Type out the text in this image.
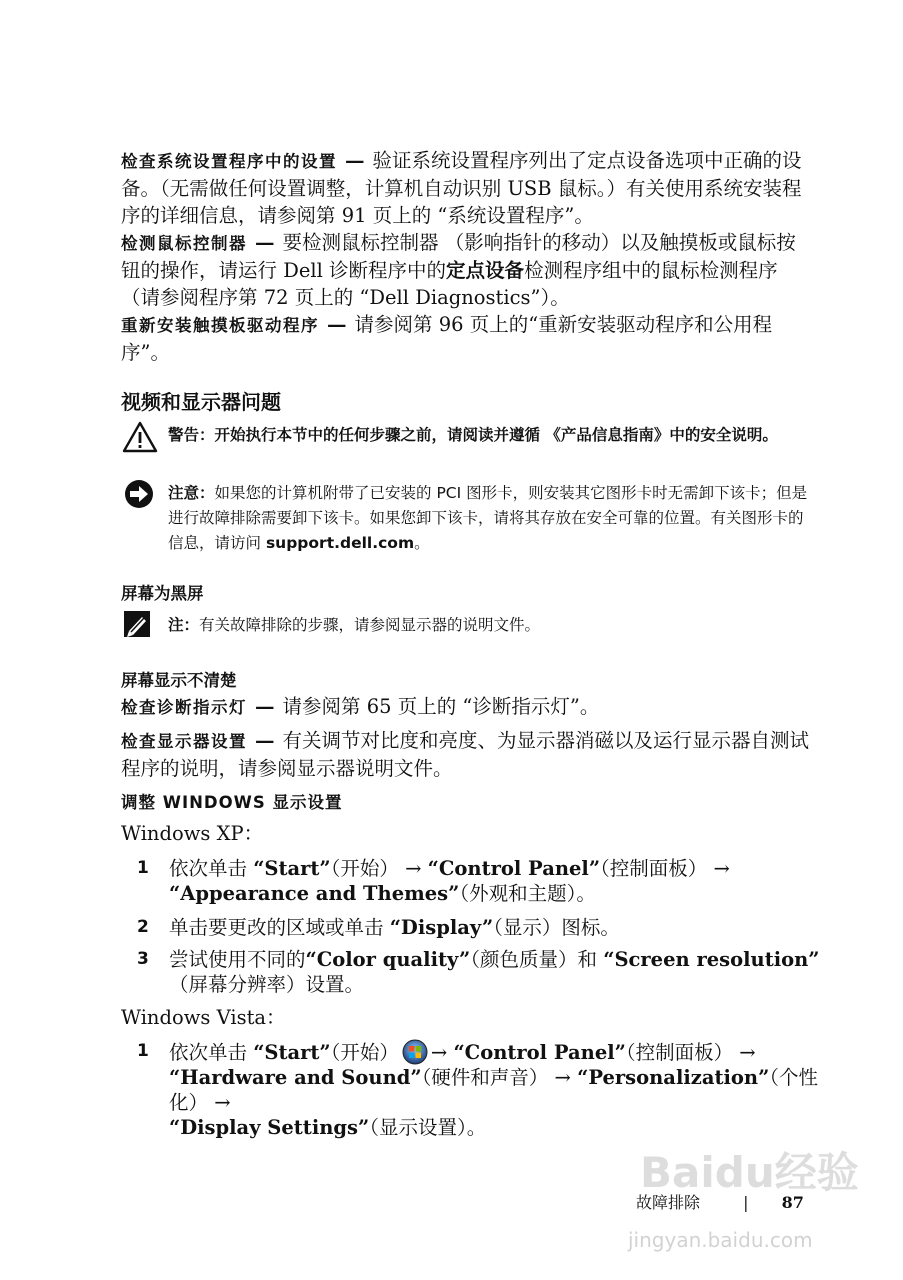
检查系统设置程序中的设置 — 验证系统设置程序列出了定点设备选项中正确的设备。（无需做任何设置调整，计算机自动识别 USB 鼠标。）有关使用系统安装程序的详细信息，请参阅第 91 页上的 “系统设置程序”。
检测鼠标控制器 — 要检测鼠标控制器 （影响指针的移动）以及触摸板或鼠标按钮的操作，请运行 Dell 诊断程序中的定点设备检测程序组中的鼠标检测程序 （请参阅程序第 72 页上的 “Dell Diagnostics”）。
重新安装触摸板驱动程序 — 请参阅第 96 页上的“重新安装驱动程序和公用程序”。
视频和显示器问题
警告：开始执行本节中的任何步骤之前，请阅读并遵循 《产品信息指南》中的安全说明。
注意：如果您的计算机附带了已安装的 PCI 图形卡，则安装其它图形卡时无需卸下该卡；但是进行故障排除需要卸下该卡。如果您卸下该卡，请将其存放在安全可靠的位置。有关图形卡的信息，请访问 support.dell.com。
屏幕为黑屏
注：有关故障排除的步骤，请参阅显示器的说明文件。
屏幕显示不清楚
检查诊断指示灯 — 请参阅第 65 页上的 “诊断指示灯”。
检查显示器设置 — 有关调节对比度和亮度、为显示器消磁以及运行显示器自测试程序的说明，请参阅显示器说明文件。
调整 WINDOWS 显示设置
Windows XP：
1 依次单击 “Start”（开始） → “Control Panel”（控制面板） →
“Appearance and Themes”（外观和主题）。
2 单击要更改的区域或单击 “Display”（显示）图标。
3 尝试使用不同的“Color quality”（颜色质量）和 “Screen resolution”
（屏幕分辨率）设置。
Windows Vista：
1 依次单击 “Start”（开始） → “Control Panel”（控制面板） →
“Hardware and Sound”（硬件和声音） → “Personalization”（个性化） →
“Display Settings”（显示设置）。
Baidu经验
jingyan.baidu.com
故障排除	| 87
